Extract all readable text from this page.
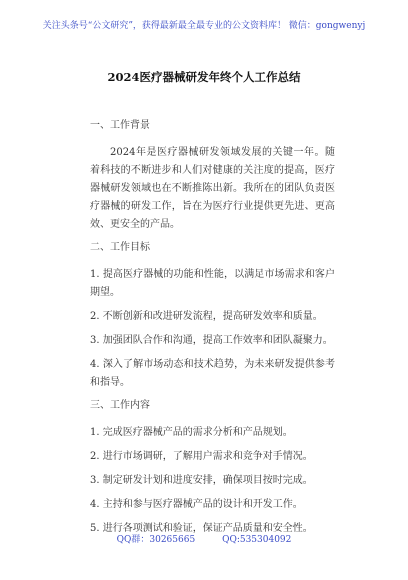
关注头条号“公文研究”，获得最新最全最专业的公文资料库！ 微信：gongwenyj
2024医疗器械研发年终个人工作总结
一、工作背景

2024年是医疗器械研发领域发展的关键一年。随着科技的不断进步和人们对健康的关注度的提高，医疗器械研发领域也在不断推陈出新。我所在的团队负责医疗器械的研发工作，旨在为医疗行业提供更先进、更高效、更安全的产品。

二、工作目标

1. 提高医疗器械的功能和性能，以满足市场需求和客户期望。

2. 不断创新和改进研发流程，提高研发效率和质量。

3. 加强团队合作和沟通，提高工作效率和团队凝聚力。

4. 深入了解市场动态和技术趋势，为未来研发提供参考和指导。

三、工作内容

1. 完成医疗器械产品的需求分析和产品规划。

2. 进行市场调研，了解用户需求和竞争对手情况。

3. 制定研发计划和进度安排，确保项目按时完成。

4. 主持和参与医疗器械产品的设计和开发工作。

5. 进行各项测试和验证，保证产品质量和安全性。

QQ群：30265665	QQ:535304092
